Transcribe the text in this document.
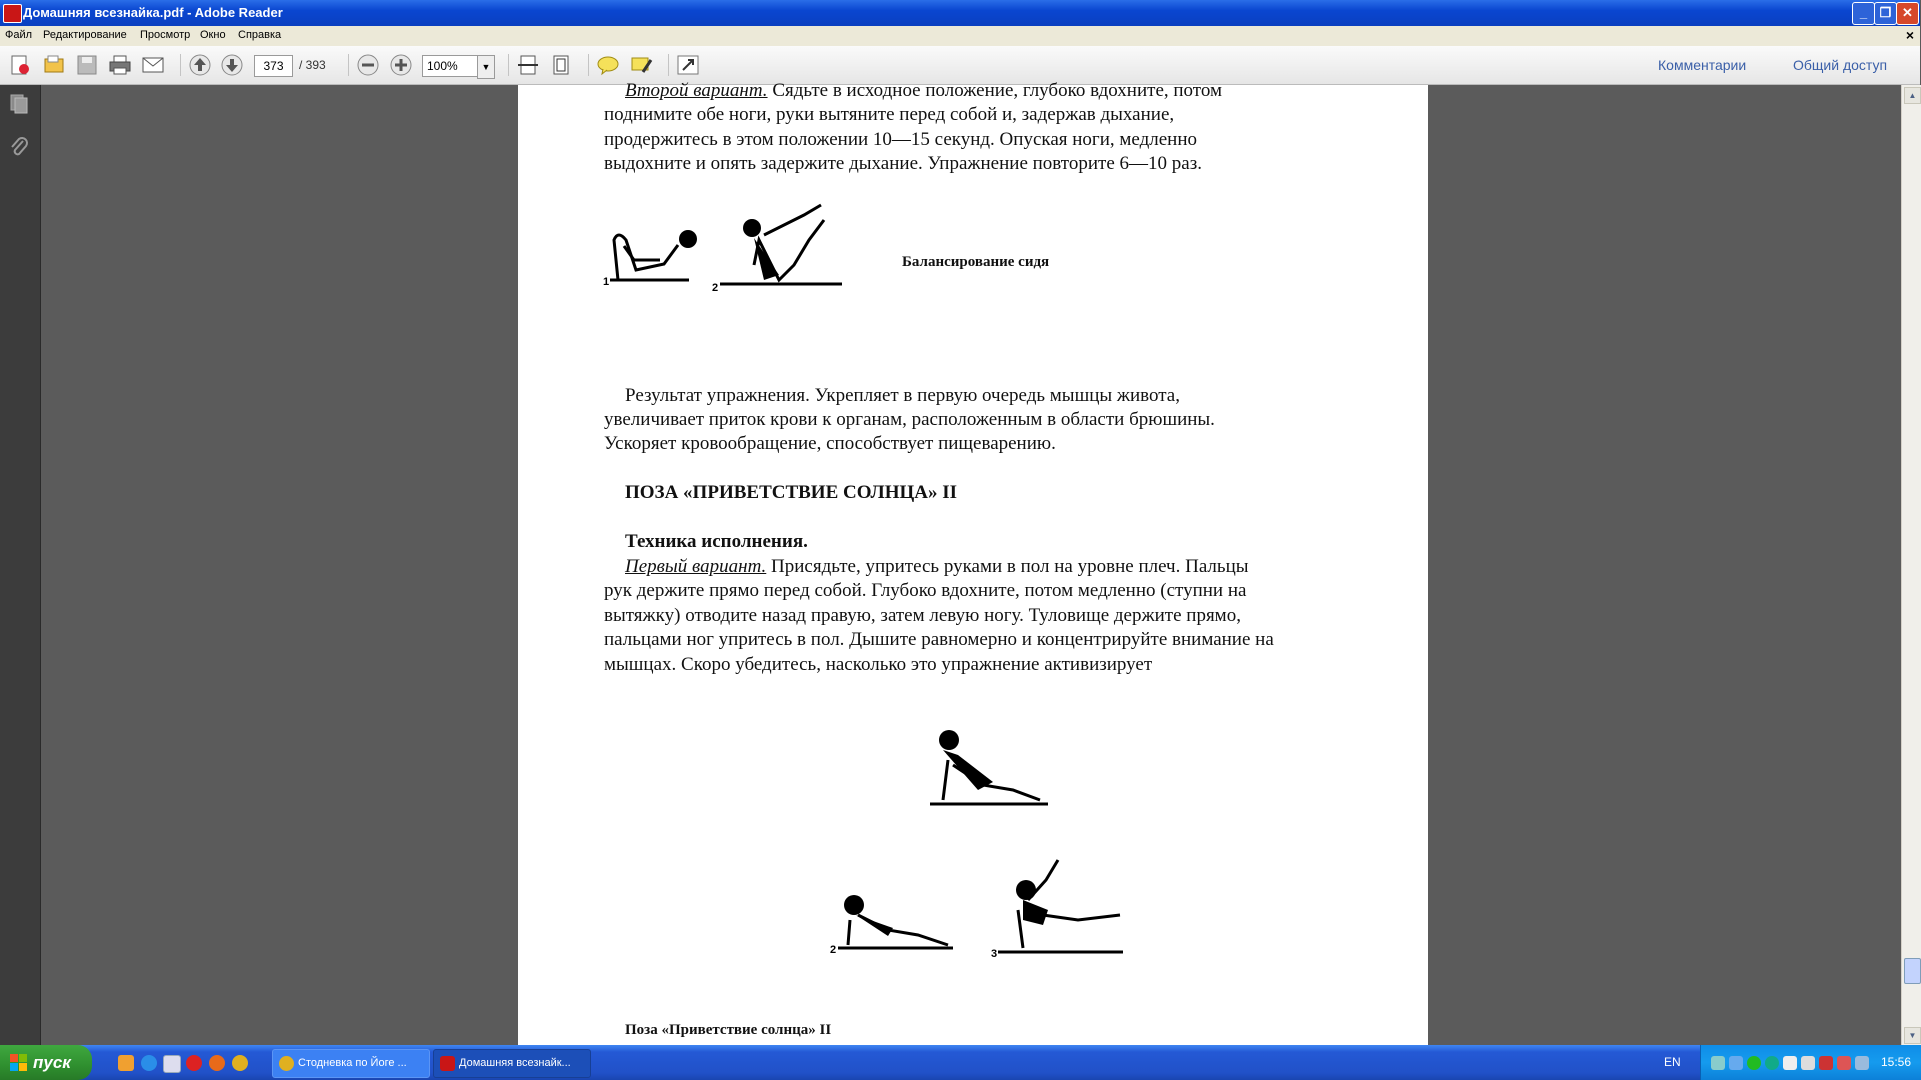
Домашняя всезнайка.pdf - Adobe Reader	_ ❐ ✕
Файл Редактирование Просмотр Окно Справка	×
373	/ 393	100%	▼	Комментарии	Общий доступ
Второй вариант. Сядьте в исходное положение, глубоко вдохните, потом
поднимите обе ноги, руки вытяните перед собой и, задержав дыхание,
продержитесь в этом положении 10—15 секунд. Опуская ноги, медленно
выдохните и опять задержите дыхание. Упражнение повторите 6—10 раз.
1	2
Балансирование сидя
Результат упражнения. Укрепляет в первую очередь мышцы живота,
увеличивает приток крови к органам, расположенным в области брюшины.
Ускоряет кровообращение, способствует пищеварению.
ПОЗА «ПРИВЕТСТВИЕ СОЛНЦА» II
Техника исполнения.
Первый вариант. Присядьте, упритесь руками в пол на уровне плеч. Пальцы
рук держите прямо перед собой. Глубоко вдохните, потом медленно (ступни на
вытяжку) отводите назад правую, затем левую ногу. Туловище держите прямо,
пальцами ног упритесь в пол. Дышите равномерно и концентрируйте внимание на
мышцах. Скоро убедитесь, насколько это упражнение активизирует
2	3
Поза «Приветствие солнца» II
▲
▼
пуск	Стодневка по Йоге ...	Домашняя всезнайк...	EN	15:56
